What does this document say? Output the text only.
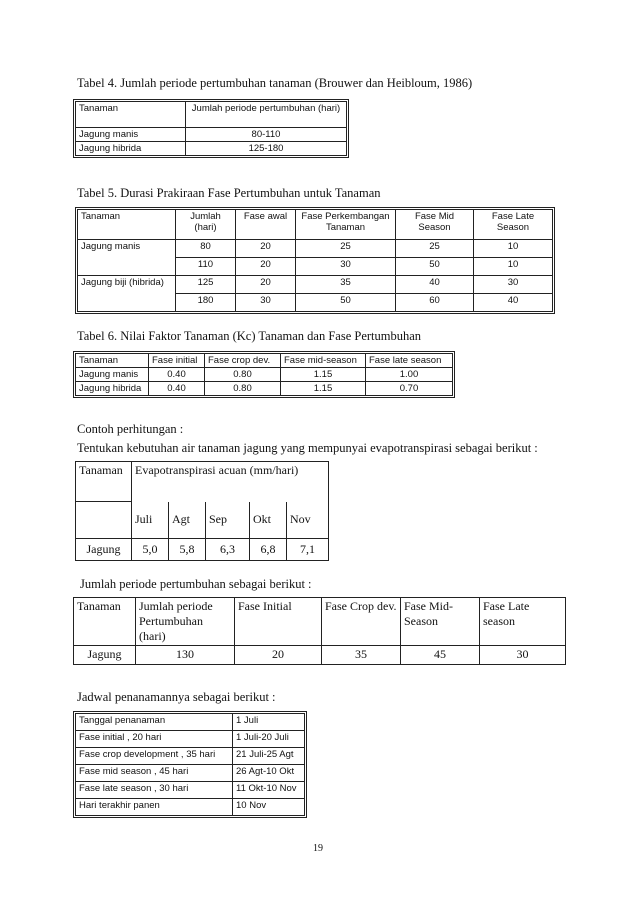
Tabel 4. Jumlah periode pertumbuhan tanaman (Brouwer dan Heibloum, 1986)
Tanaman	Jumlah periode pertumbuhan (hari)
Jagung manis	80-110
Jagung hibrida	125-180
Tabel 5. Durasi Prakiraan Fase Pertumbuhan untuk Tanaman
Tanaman	Jumlah (hari)	Fase awal	Fase Perkembangan Tanaman	Fase Mid Season	Fase Late Season
Jagung manis	80	20	25	25	10
	110	20	30	50	10
Jagung biji (hibrida)	125	20	35	40	30
	180	30	50	60	40
Tabel 6. Nilai Faktor Tanaman (Kc) Tanaman dan Fase Pertumbuhan
Tanaman	Fase initial	Fase crop dev.	Fase mid-season	Fase late season
Jagung manis	0.40	0.80	1.15	1.00
Jagung hibrida	0.40	0.80	1.15	0.70
Contoh perhitungan :
Tentukan kebutuhan air tanaman jagung yang mempunyai evapotranspirasi sebagai berikut :
Tanaman	Evapotranspirasi acuan (mm/hari)				
	Juli	Agt	Sep	Okt	Nov
Jagung	5,0	5,8	6,3	6,8	7,1
Jumlah periode pertumbuhan sebagai berikut :
Tanaman	Jumlah periode Pertumbuhan (hari)	Fase Initial	Fase Crop dev.	Fase Mid-Season	Fase Late season
Jagung	130	20	35	45	30
Jadwal penanamannya sebagai berikut :
Tanggal penanaman	1 Juli
Fase initial , 20 hari	1 Juli-20 Juli
Fase crop development , 35 hari	21 Juli-25 Agt
Fase mid season , 45 hari	26 Agt-10 Okt
Fase late season , 30 hari	11 Okt-10 Nov
Hari terakhir panen	10 Nov
19
